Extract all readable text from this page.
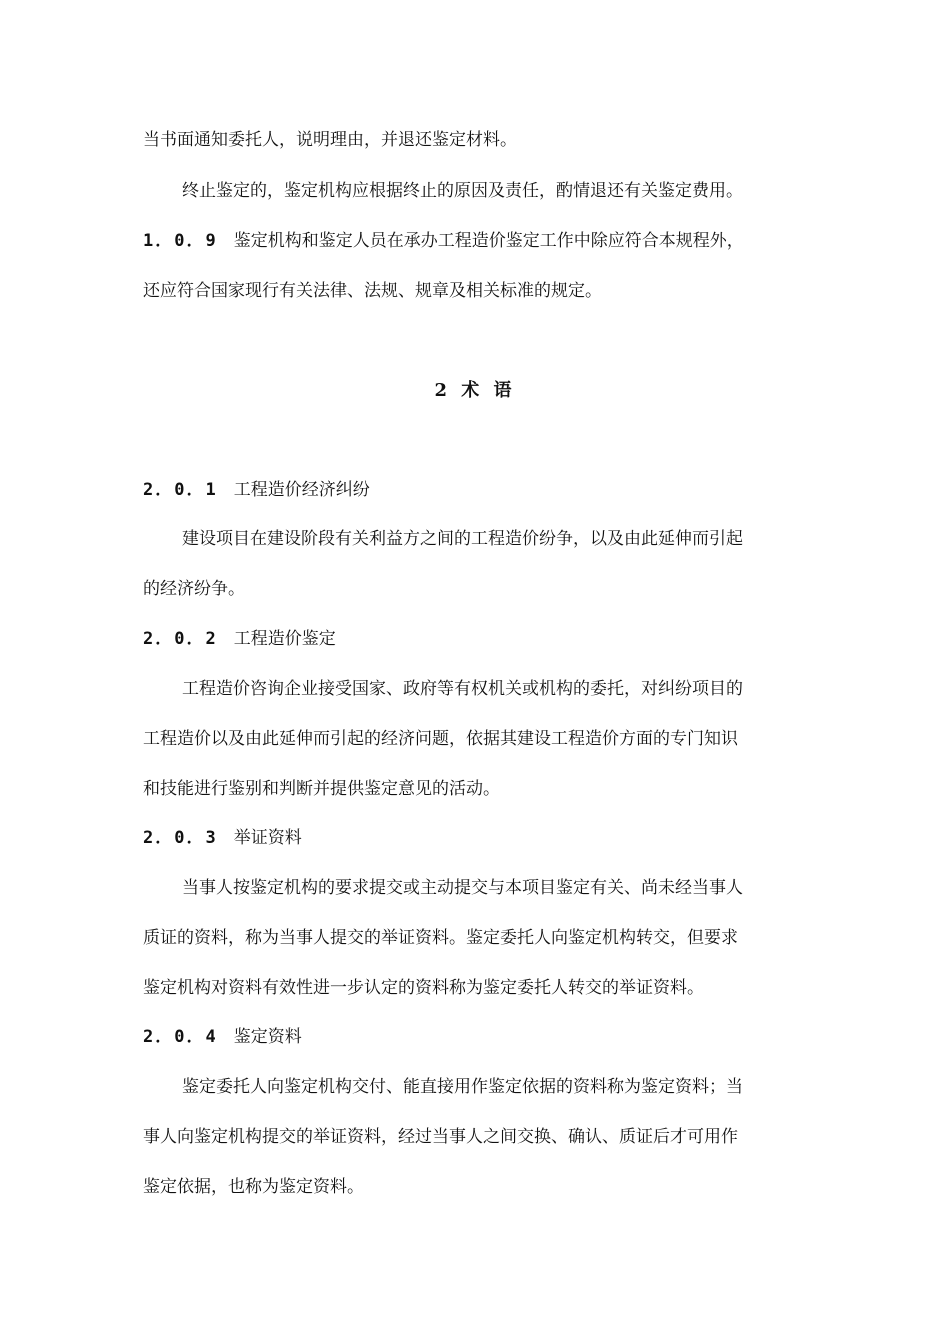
当书面通知委托人，说明理由，并退还鉴定材料。

终止鉴定的，鉴定机构应根据终止的原因及责任，酌情退还有关鉴定费用。

1．0．9 鉴定机构和鉴定人员在承办工程造价鉴定工作中除应符合本规程外，

还应符合国家现行有关法律、法规、规章及相关标准的规定。

2 术 语

2．0．1 工程造价经济纠纷

建设项目在建设阶段有关利益方之间的工程造价纷争，以及由此延伸而引起

的经济纷争。

2．0．2 工程造价鉴定

工程造价咨询企业接受国家、政府等有权机关或机构的委托，对纠纷项目的

工程造价以及由此延伸而引起的经济问题，依据其建设工程造价方面的专门知识

和技能进行鉴别和判断并提供鉴定意见的活动。

2．0．3 举证资料

当事人按鉴定机构的要求提交或主动提交与本项目鉴定有关、尚未经当事人

质证的资料，称为当事人提交的举证资料。鉴定委托人向鉴定机构转交，但要求

鉴定机构对资料有效性进一步认定的资料称为鉴定委托人转交的举证资料。

2．0．4 鉴定资料

鉴定委托人向鉴定机构交付、能直接用作鉴定依据的资料称为鉴定资料；当

事人向鉴定机构提交的举证资料，经过当事人之间交换、确认、质证后才可用作

鉴定依据，也称为鉴定资料。
